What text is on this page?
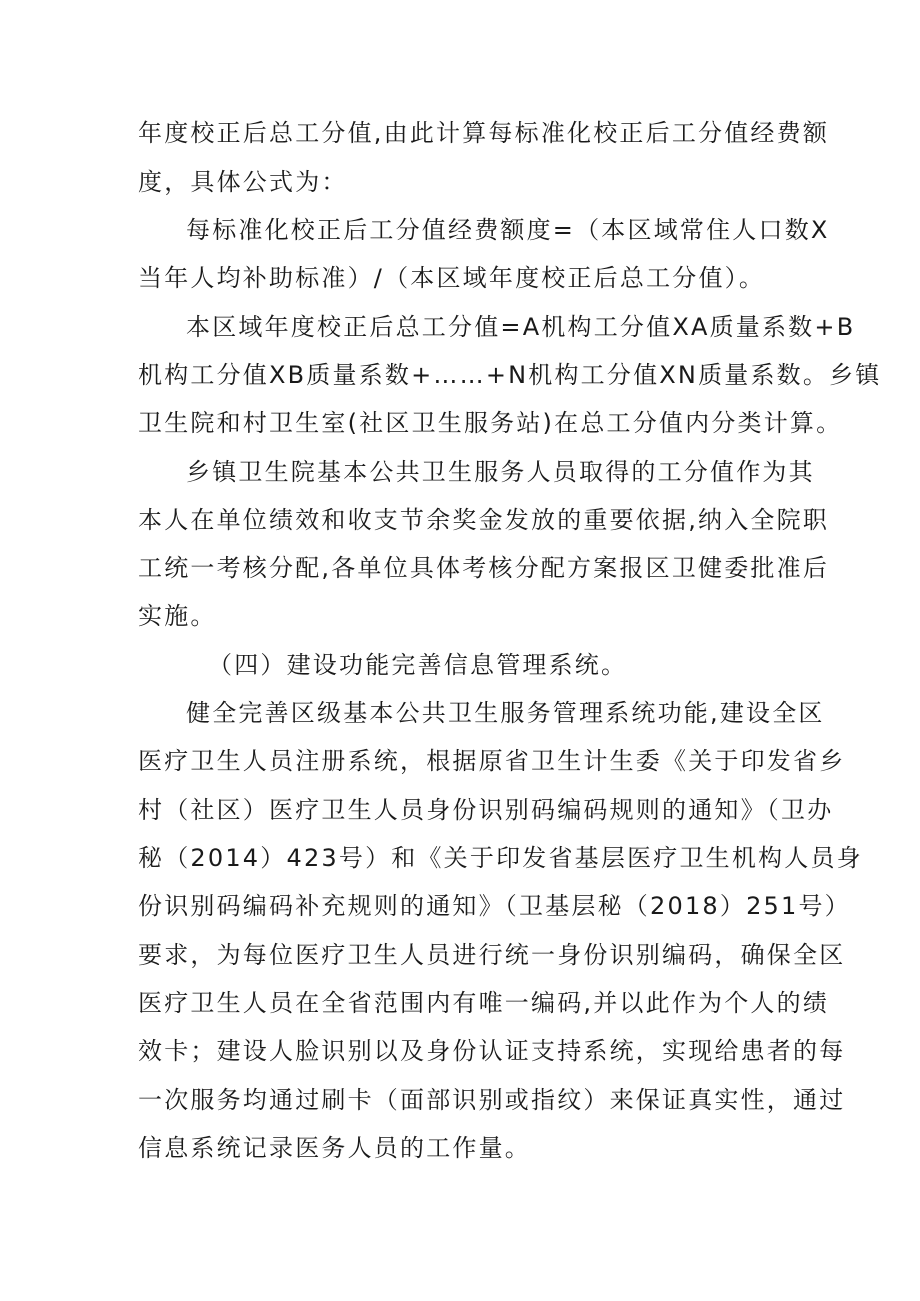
年度校正后总工分值,由此计算每标准化校正后工分值经费额
度，具体公式为：
每标准化校正后工分值经费额度=（本区域常住人口数X
当年人均补助标准）/（本区域年度校正后总工分值）。
本区域年度校正后总工分值=A机构工分值XA质量系数+B
机构工分值XB质量系数+……+N机构工分值XN质量系数。乡镇
卫生院和村卫生室(社区卫生服务站)在总工分值内分类计算。
乡镇卫生院基本公共卫生服务人员取得的工分值作为其
本人在单位绩效和收支节余奖金发放的重要依据,纳入全院职
工统一考核分配,各单位具体考核分配方案报区卫健委批准后
实施。
（四）建设功能完善信息管理系统。
健全完善区级基本公共卫生服务管理系统功能,建设全区
医疗卫生人员注册系统，根据原省卫生计生委《关于印发省乡
村（社区）医疗卫生人员身份识别码编码规则的通知》（卫办
秘（2014）423号）和《关于印发省基层医疗卫生机构人员身
份识别码编码补充规则的通知》（卫基层秘（2018）251号）
要求，为每位医疗卫生人员进行统一身份识别编码，确保全区
医疗卫生人员在全省范围内有唯一编码,并以此作为个人的绩
效卡；建设人脸识别以及身份认证支持系统，实现给患者的每
一次服务均通过刷卡（面部识别或指纹）来保证真实性，通过
信息系统记录医务人员的工作量。
